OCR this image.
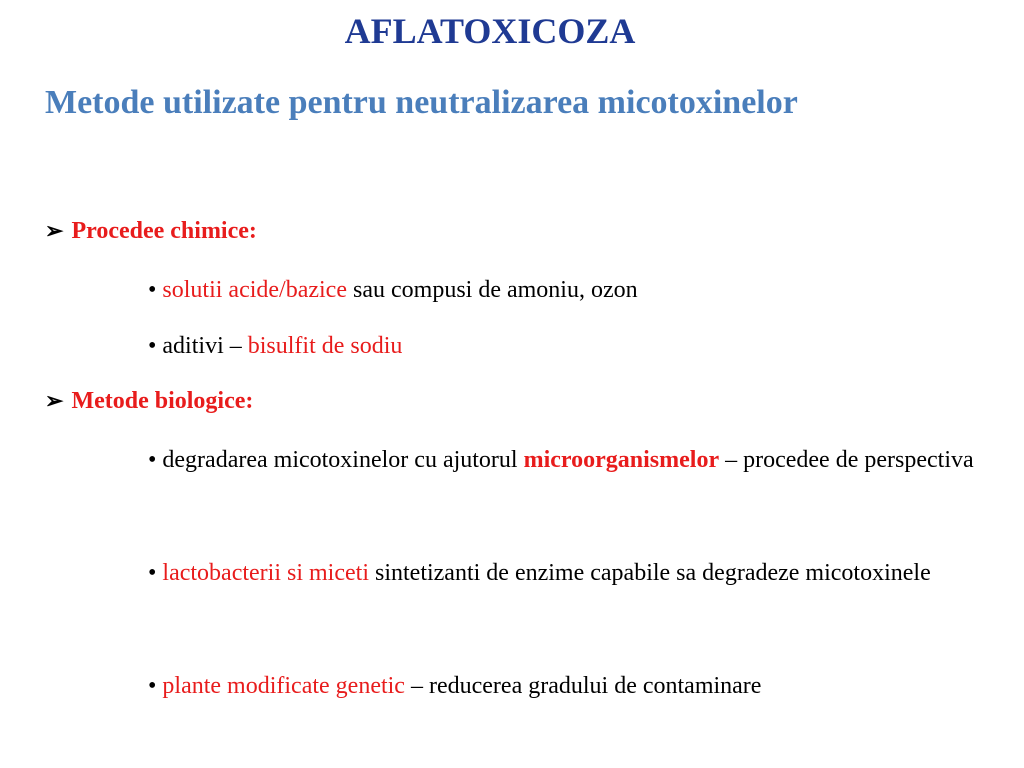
AFLATOXICOZA
Metode utilizate pentru neutralizarea micotoxinelor
➢ Procedee chimice:
• solutii acide/bazice sau compusi de amoniu, ozon
• aditivi – bisulfit de sodiu
➢ Metode biologice:
• degradarea micotoxinelor cu ajutorul microorganismelor – procedee de perspectiva
• lactobacterii si miceti sintetizanti de enzime capabile sa degradeze micotoxinele
• plante modificate genetic – reducerea gradului de contaminare
